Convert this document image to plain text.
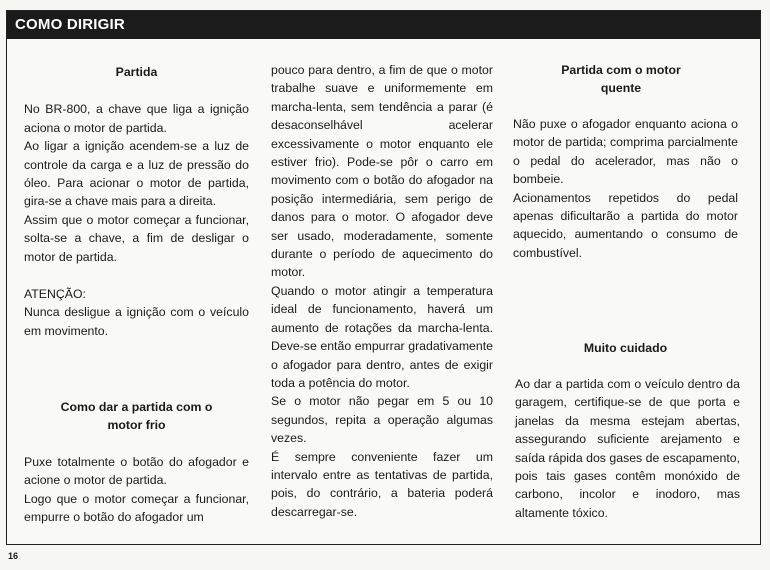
COMO DIRIGIR

Partida

No BR-800, a chave que liga a ignição aciona o motor de partida.

Ao ligar a ignição acendem-se a luz de controle da carga e a luz de pressão do óleo. Para acionar o motor de partida, gira-se a chave mais para a direita.

Assim que o motor começar a funcionar, solta-se a chave, a fim de desligar o motor de partida.

ATENÇÃO:

Nunca desligue a ignição com o veículo em movimento.

Como dar a partida com o motor frio

Puxe totalmente o botão do afogador e acione o motor de partida.

Logo que o motor começar a funcionar, empurre o botão do afogador um

pouco para dentro, a fim de que o motor trabalhe suave e uniformemente em marcha-lenta, sem tendência a parar (é desaconselhável acelerar excessivamente o motor enquanto ele estiver frio). Pode-se pôr o carro em movimento com o botão do afogador na posição intermediária, sem perigo de danos para o motor. O afogador deve ser usado, moderadamente, somente durante o período de aquecimento do motor.

Quando o motor atingir a temperatura ideal de funcionamento, haverá um aumento de rotações da marcha-lenta. Deve-se então empurrar gradativamente o afogador para dentro, antes de exigir toda a potência do motor.

Se o motor não pegar em 5 ou 10 segundos, repita a operação algumas vezes.

É sempre conveniente fazer um intervalo entre as tentativas de partida, pois, do contrário, a bateria poderá descarregar-se.

Partida com o motor quente

Não puxe o afogador enquanto aciona o motor de partida; comprima parcialmente o pedal do acelerador, mas não o bombeie.

Acionamentos repetidos do pedal apenas dificultarão a partida do motor aquecido, aumentando o consumo de combustível.

Muito cuidado

Ao dar a partida com o veículo dentro da garagem, certifique-se de que porta e janelas da mesma estejam abertas, assegurando suficiente arejamento e saída rápida dos gases de escapamento, pois tais gases contêm monóxido de carbono, incolor e inodoro, mas altamente tóxico.

16
